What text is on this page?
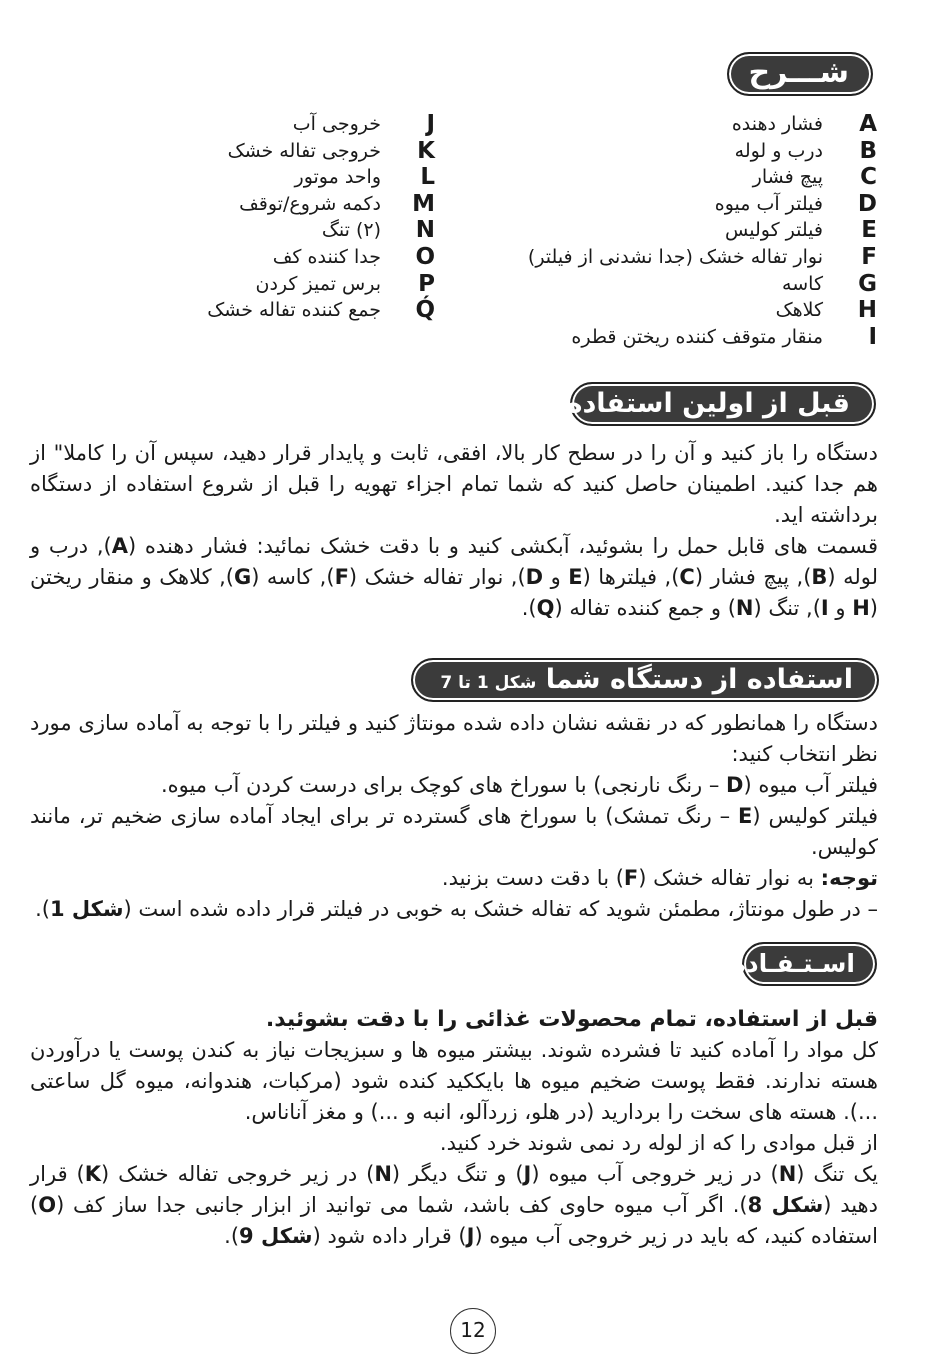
شـــرح
A
فشار دهنده
B
درب و لوله
C
پیچ فشار
D
فیلتر آب میوه
E
فیلتر کولیس
F
نوار تفاله خشک (جدا نشدنی از فیلتر)
G
کاسه
H
کلاهک
I
منقار متوقف کننده ریختن قطره
J
خروجی آب
K
خروجی تفاله خشک
L
واحد موتور
M
دکمه شروع/توقف
N
(۲) تنگ
O
جدا کننده کف
P
برس تمیز کردن
Q́
جمع کننده تفاله خشک
قبل از اولین استفاده

دستگاه را باز کنید و آن را در سطح کار بالا، افقی، ثابت و پایدار قرار دهید، سپس آن را کاملا" از هم جدا کنید. اطمینان حاصل کنید که شما تمام اجزاء تهویه را قبل از شروع استفاده از دستگاه برداشته اید.

قسمت های قابل حمل را بشوئید، آبکشی کنید و با دقت خشک نمائید: فشار دهنده (A), درب و لوله (B), پیچ فشار (C), فیلترها (E و D), نوار تفاله خشک (F), کاسه (G), کلاهک و منقار ریختن (H و I), تنگ (N) و جمع کننده تفاله (Q).

استفاده از دستگاه شما شکل 1 تا 7

دستگاه را همانطور که در نقشه نشان داده شده مونتاژ کنید و فیلتر را با توجه به آماده سازی مورد نظر انتخاب کنید:

فیلتر آب میوه (D – رنگ نارنجی) با سوراخ های کوچک برای درست کردن آب میوه.

فیلتر کولیس (E – رنگ تمشک) با سوراخ های گسترده تر برای ایجاد آماده سازی ضخیم تر، مانند کولیس.

توجه: به نوار تفاله خشک (F) با دقت دست بزنید.

– در طول مونتاژ، مطمئن شوید که تفاله خشک به خوبی در فیلتر قرار داده شده است (شکل 1).

اسـتـفـاده

قبل از استفاده، تمام محصولات غذائی را با دقت بشوئید.

کل مواد را آماده کنید تا فشرده شوند. بیشتر میوه ها و سبزیجات نیاز به کندن پوست یا درآوردن هسته ندارند. فقط پوست ضخیم میوه ها بایککید کنده شود (مرکبات، هندوانه، میوه گل ساعتی ...). هسته های سخت را بردارید (در هلو، زردآلو، انبه و ...) و مغز آناناس.

از قبل موادی را که از لوله رد نمی شوند خرد کنید.

یک تنگ (N) در زیر خروجی آب میوه (J) و تنگ دیگر (N) در زیر خروجی تفاله خشک (K) قرار دهید (شکل 8). اگر آب میوه حاوی کف باشد، شما می توانید از ابزار جانبی جدا ساز کف (O) استفاده کنید، که باید در زیر خروجی آب میوه (J) قرار داده شود (شکل 9).

12
